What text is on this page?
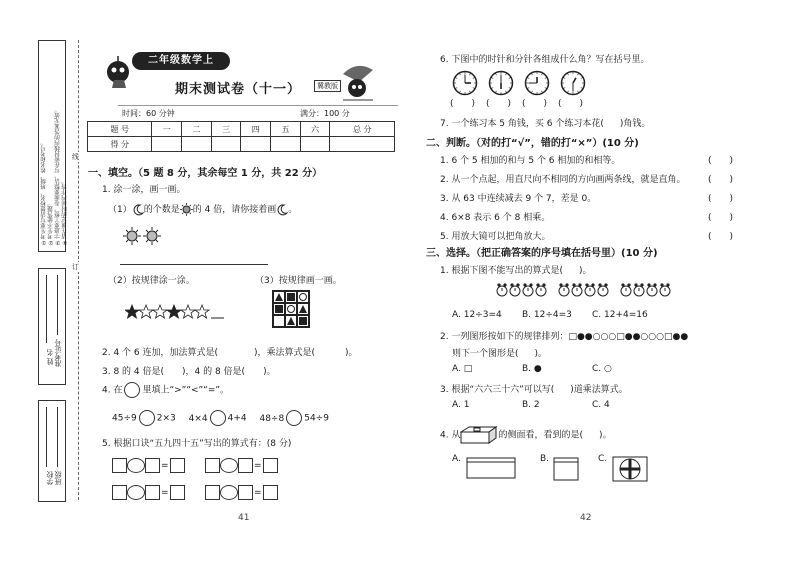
①考生要写清楚校名、班级、姓名和考号。
②考生不能答题。
③字迹要工整，卷面要整洁，写在密封线内的答案无效。
④请在规定的时间内作答。
姓 名 准考证号
学校 班级
线
订
二年级数学上
期末测试卷（十一）	冀教版
时间：60 分钟	满分：100 分
题 号	一	二	三	四	五	六	总 分
得 分							
一、填空。（5 题 8 分，其余每空 1 分，共 22 分）
1. 涂一涂，画一画。
（1） 的个数是 的 4 倍，请你接着画 。
（2）按规律涂一涂。	（3）按规律画一画。
2. 4 个 6 连加，加法算式是(	)，乘法算式是(	)。
3. 8 的 4 倍是( )，4 的 8 倍是( )。
4. 在 里填上“>”“<”“=”。
45÷9 2×3 4×4 4+4 48÷8 54÷9
5. 根据口诀“五九四十五”写出的算式有：(8 分)
=	=
=	=
41
6. 下图中的时针和分针各组成什么角？写在括号里。
(　　) (　　) (　　) (　　)
7. 一个练习本 5 角钱，买 6 个练习本花( )角钱。
二、判断。（对的打“√”，错的打“×”）(10 分)
1. 6 个 5 相加的和与 5 个 6 相加的和相等。
2. 从一个点起，用直尺向不相同的方向画两条线，就是直角。
3. 从 63 中连续减去 9 个 7，差是 0。
4. 6×8 表示 6 个 8 相乘。
5. 用放大镜可以把角放大。
(　　)
(　　)
(　　)
(　　)
(　　)
三、选择。（把正确答案的序号填在括号里）(10 分)
1. 根据下图不能写出的算式是( )。
A. 12÷3=4 B. 12÷4=3 C. 12+4=16
2. 一列图形按如下的规律排列：□●●○○○□●●○○○□●●
则下一个图形是( )。
A. □	B. ●	C. ○
3. 根据“六六三十六”可以写( )道乘法算式。
A. 1	B. 2	C. 4
4. 从	的侧面看，看到的是( )。
A.	B.	C.
42
